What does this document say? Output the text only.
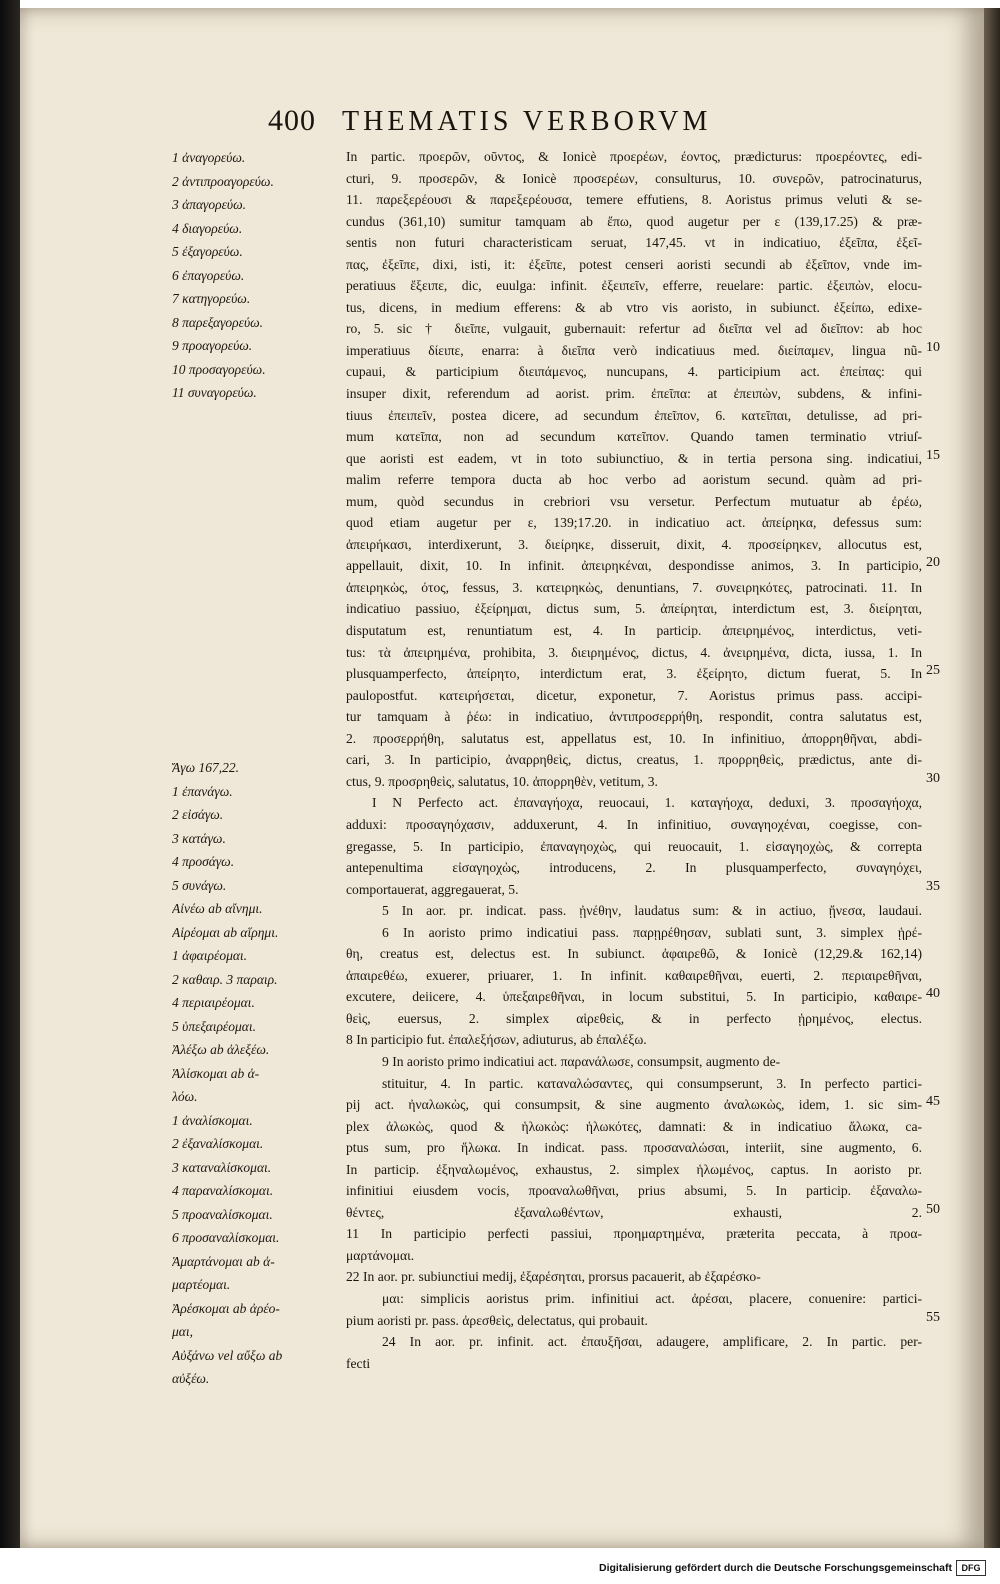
400 THEMATIS VERBORVM
1 ἀναγορεύω.
2 ἀντιπροαγορεύω.
3 ἀπαγορεύω.
4 διαγορεύω.
5 ἐξαγορεύω.
6 ἐπαγορεύω.
7 κατηγορεύω.
8 παρεξαγορεύω.
9 προαγορεύω.
10 προσαγορεύω.
11 συναγορεύω.
Ἄγω 167,22.
1 ἐπανάγω.
2 εἰσάγω.
3 κατάγω.
4 προσάγω.
5 συνάγω.
Αἰνέω ab αἴνημι.
Αἱρέομαι ab αἵρημι.
1 ἀφαιρέομαι.
2 καθαιρ. 3 παραιρ.
4 περιαιρέομαι.
5 ὑπεξαιρέομαι.
Ἀλέξω ab ἀλεξέω.
Ἁλίσκομαι ab ἁ-
λόω.
1 ἀναλίσκομαι.
2 ἐξαναλίσκομαι.
3 καταναλίσκομαι.
4 παραναλίσκομαι.
5 προαναλίσκομαι.
6 προσαναλίσκομαι.
Ἁμαρτάνομαι ab ἁ-
μαρτέομαι.
Ἀρέσκομαι ab ἀρέο-
μαι,
Αὐξάνω vel αὔξω ab
αὐξέω.
In partic. προερῶν, οῦντος, & Ionicè προερέων, έοντος, prædicturus: προερέοντες, edi-
cturi, 9. προσερῶν, & Ionicè προσερέων, consulturus, 10. συνερῶν, patrocinaturus,
11. παρεξερέουσι & παρεξερέουσα, temere effutiens, 8. Aoristus primus veluti & se-
cundus (361,10) sumitur tamquam ab ἔπω, quod augetur per ε (139,17.25) & præ-
sentis non futuri characteristicam seruat, 147,45. vt in indicatiuo, ἐξεῖπα, ἐξεῖ-
πας, ἐξεῖπε, dixi, isti, it: ἐξεῖπε, potest censeri aoristi secundi ab ἐξεῖπον, vnde im-
peratiuus ἔξειπε, dic, euulga: infinit. ἐξειπεῖν, efferre, reuelare: partic. ἐξειπὼν, elocu-
tus, dicens, in medium efferens: & ab vtro vis aoristo, in subiunct. ἐξείπω, edixe-
ro, 5. sic † διεῖπε, vulgauit, gubernauit: refertur ad διεῖπα vel ad διεῖπον: ab hoc
imperatiuus δίειπε, enarra: à διεῖπα verò indicatiuus med. διείπαμεν, lingua nũ-
cupaui, & participium διειπάμενος, nuncupans, 4. participium act. ἐπείπας: qui
insuper dixit, referendum ad aorist. prim. ἐπεῖπα: at ἐπειπὼν, subdens, & infini-
tiuus ἐπειπεῖν, postea dicere, ad secundum ἐπεῖπον, 6. κατεῖπαι, detulisse, ad pri-
mum κατεῖπα, non ad secundum κατεῖπον. Quando tamen terminatio vtriuſ-
que aoristi est eadem, vt in toto subiunctiuo, & in tertia persona sing. indicatiui,
malim referre tempora ducta ab hoc verbo ad aoristum secund. quàm ad pri-
mum, quòd secundus in crebriori vsu versetur. Perfectum mutuatur ab ἐρέω,
quod etiam augetur per ε, 139;17.20. in indicatiuo act. ἀπείρηκα, defessus sum:
ἀπειρήκασι, interdixerunt, 3. διείρηκε, disseruit, dixit, 4. προσείρηκεν, allocutus est,
appellauit, dixit, 10. In infinit. ἀπειρηκέναι, despondisse animos, 3. In participio,
ἀπειρηκὼς, ότος, fessus, 3. κατειρηκὼς, denuntians, 7. συνειρηκότες, patrocinati. 11. In
indicatiuo passiuo, ἐξείρημαι, dictus sum, 5. ἀπείρηται, interdictum est, 3. διείρηται,
disputatum est, renuntiatum est, 4. In particip. ἀπειρημένος, interdictus, veti-
tus: τὰ ἀπειρημένα, prohibita, 3. διειρημένος, dictus, 4. ἀνειρημένα, dicta, iussa, 1. In
plusquamperfecto, ἀπείρητο, interdictum erat, 3. ἐξείρητο, dictum fuerat, 5. In
paulopostfut. κατειρήσεται, dicetur, exponetur, 7. Aoristus primus pass. accipi-
tur tamquam à ῥέω: in indicatiuo, ἀντιπροσερρήθη, respondit, contra salutatus est,
2. προσερρήθη, salutatus est, appellatus est, 10. In infinitiuo, ἀπορρηθῆναι, abdi-
cari, 3. In participio, ἀναρρηθεὶς, dictus, creatus, 1. προρρηθεὶς, prædictus, ante di-
ctus, 9. προσρηθεὶς, salutatus, 10. ἀπορρηθὲν, vetitum, 3.
I N Perfecto act. ἐπαναγήοχα, reuocaui, 1. καταγήοχα, deduxi, 3. προσαγήοχα,
adduxi: προσαγηόχασιν, adduxerunt, 4. In infinitiuo, συναγηοχέναι, coegisse, con-
gregasse, 5. In participio, ἐπαναγηοχὼς, qui reuocauit, 1. εἰσαγηοχὼς, & correpta
antepenultima εἰσαγηοχὼς, introducens, 2. In plusquamperfecto, συναγηόχει,
comportauerat, aggregauerat, 5.
5 In aor. pr. indicat. pass. ᾐνέθην, laudatus sum: & in actiuo, ᾔνεσα, laudaui.
6 In aoristo primo indicatiui pass. παρῃρέθησαν, sublati sunt, 3. simplex ᾑρέ-
θη, creatus est, delectus est. In subiunct. ἀφαιρεθῶ, & Ionicè (12,29.& 162,14)
ἀπαιρεθέω, exuerer, priuarer, 1. In infinit. καθαιρεθῆναι, euerti, 2. περιαιρεθῆναι,
excutere, deiicere, 4. ὑπεξαιρεθῆναι, in locum substitui, 5. In participio, καθαιρε-
θεὶς, euersus, 2. simplex αἱρεθεὶς, & in perfecto ᾑρημένος, electus.
8 In participio fut. ἐπαλεξήσων, adiuturus, ab ἐπαλέξω.
9 In aoristo primo indicatiui act. παρανάλωσε, consumpsit, augmento de-
stituitur, 4. In partic. καταναλώσαντες, qui consumpserunt, 3. In perfecto partici-
pij act. ἠναλωκὼς, qui consumpsit, & sine augmento ἀναλωκὼς, idem, 1. sic sim-
plex ἀλωκὼς, quod & ἡλωκὼς: ἡλωκότες, damnati: & in indicatiuo ἄλωκα, ca-
ptus sum, pro ἥλωκα. In indicat. pass. προσαναλώσαι, interiit, sine augmento, 6.
In particip. ἐξηναλωμένος, exhaustus, 2. simplex ἡλωμένος, captus. In aoristo pr.
infinitiui eiusdem vocis, προαναλωθῆναι, prius absumi, 5. In particip. ἐξαναλω-
θέντες, ἐξαναλωθέντων, exhausti, 2.
11 In participio perfecti passiui, προημαρτημένα, præterita peccata, à προα-
μαρτάνομαι.
22 In aor. pr. subiunctiui medij, ἐξαρέσηται, prorsus pacauerit, ab ἐξαρέσκο-
μαι: simplicis aoristus prim. infinitiui act. ἀρέσαι, placere, conuenire: partici-
pium aoristi pr. pass. ἀρεσθεὶς, delectatus, qui probauit.
24 In aor. pr. infinit. act. ἐπαυξῆσαι, adaugere, amplificare, 2. In partic. per-
fecti
10
15
20
25
30
35
40
45
50
55
Digitalisierung gefördert durch die Deutsche Forschungsgemeinschaft	DFG
